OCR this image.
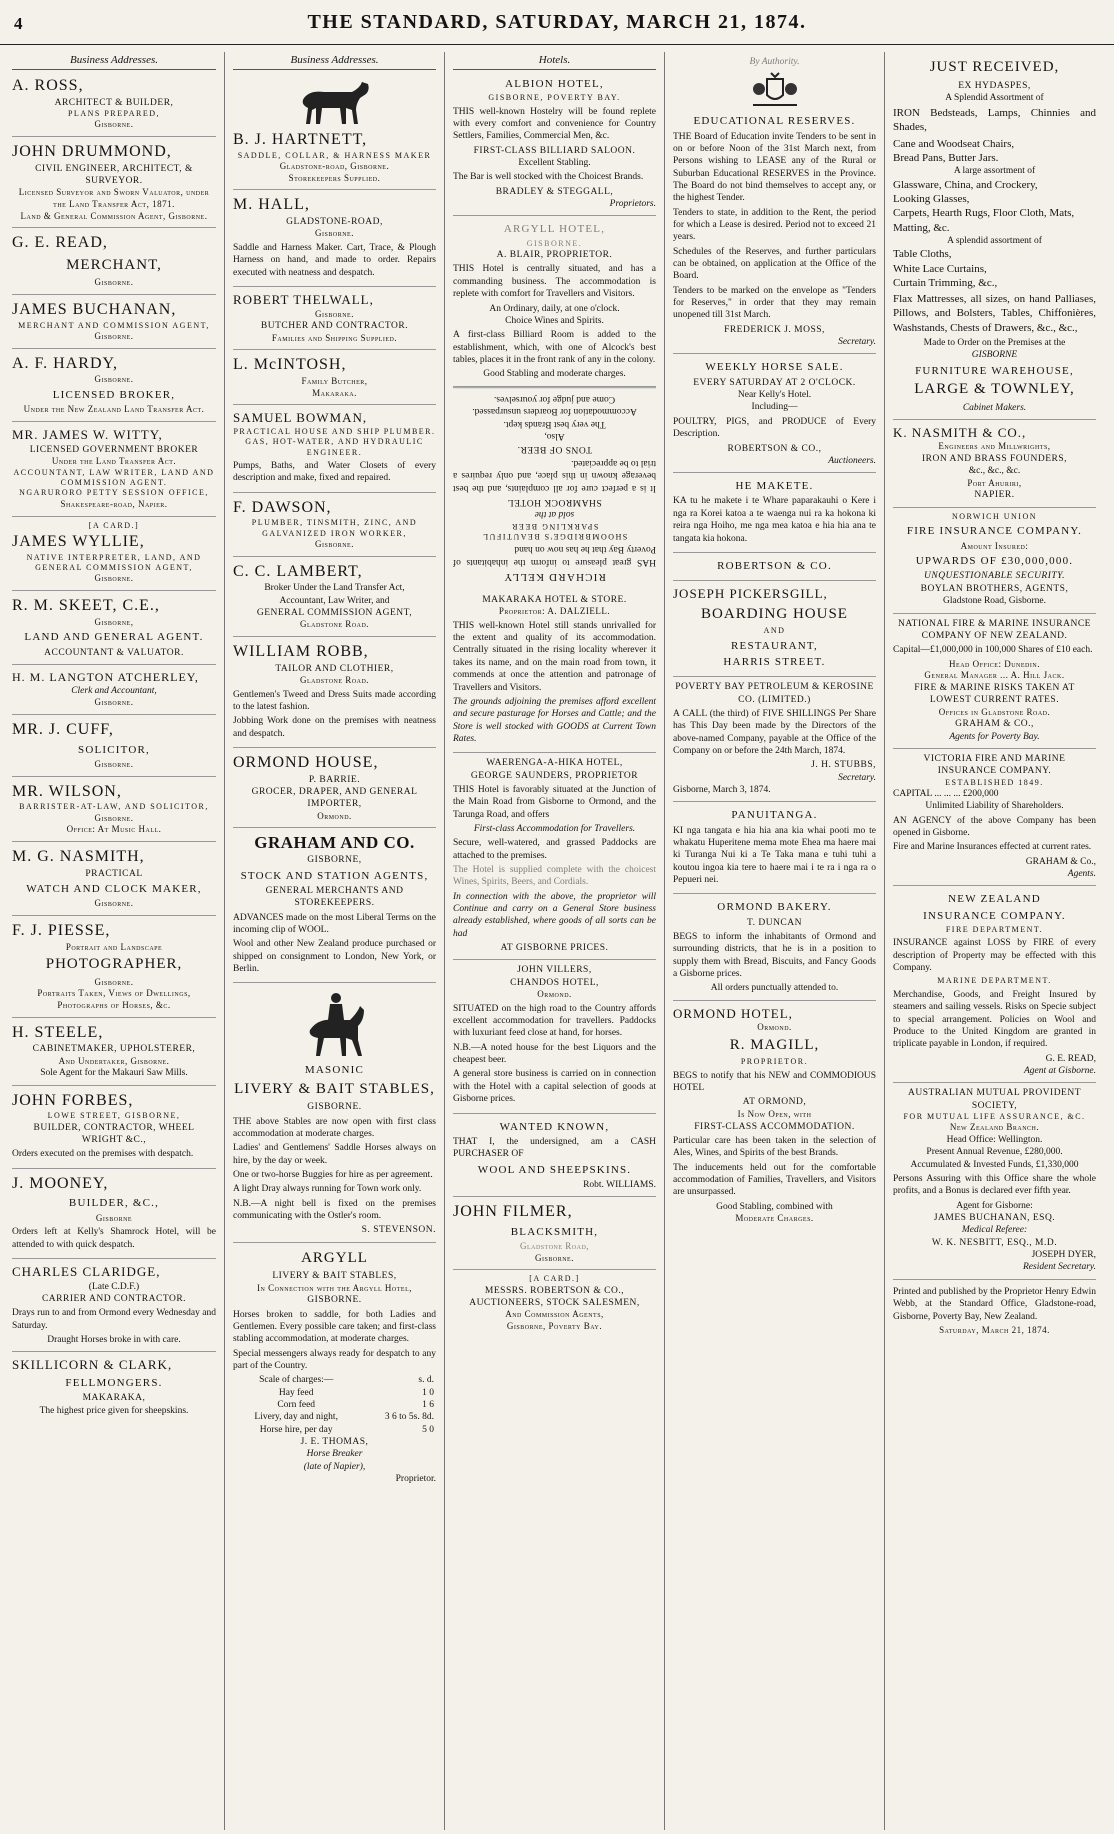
4	THE STANDARD, SATURDAY, MARCH 21, 1874.
Business Addresses.
A. ROSS,
ARCHITECT & BUILDER,
PLANS PREPARED,
Gisborne.
JOHN DRUMMOND,
CIVIL ENGINEER, ARCHITECT, & SURVEYOR.
Licensed Surveyor and Sworn Valuator, under the Land Transfer Act, 1871.
Land & General Commission Agent, Gisborne.
G. E. READ,
MERCHANT,
Gisborne.
JAMES BUCHANAN,
MERCHANT AND COMMISSION AGENT,
Gisborne.
A. F. HARDY,
Gisborne.
LICENSED BROKER,
Under the New Zealand Land Transfer Act.
MR. JAMES W. WITTY,
LICENSED GOVERNMENT BROKER
Under the Land Transfer Act.
ACCOUNTANT, LAW WRITER, LAND AND COMMISSION AGENT.
NGARURORO PETTY SESSION OFFICE,
Shakespeare-road, Napier.
[A CARD.]
JAMES WYLLIE,
NATIVE INTERPRETER, LAND, AND GENERAL COMMISSION AGENT,
Gisborne.
R. M. SKEET, C.E.,
Gisborne,
LAND AND GENERAL AGENT.
ACCOUNTANT & VALUATOR.
H. M. LANGTON ATCHERLEY,
Clerk and Accountant,
Gisborne.
MR. J. CUFF,
SOLICITOR,
Gisborne.
MR. WILSON,
BARRISTER-AT-LAW, AND SOLICITOR,
Gisborne.
Office: At Music Hall.
M. G. NASMITH,
PRACTICAL
WATCH AND CLOCK MAKER,
Gisborne.
F. J. PIESSE,
Portrait and Landscape
PHOTOGRAPHER,
Gisborne.
Portraits Taken, Views of Dwellings, Photographs of Horses, &c.
H. STEELE,
CABINETMAKER, UPHOLSTERER,
And Undertaker, Gisborne.
Sole Agent for the Makauri Saw Mills.
JOHN FORBES,
LOWE STREET, GISBORNE,
BUILDER, CONTRACTOR, WHEEL WRIGHT &C.,
Orders executed on the premises with despatch.
J. MOONEY,
BUILDER, &C.,
Gisborne
Orders left at Kelly's Shamrock Hotel, will be attended to with quick despatch.
CHARLES CLARIDGE,
(Late C.D.F.)
CARRIER AND CONTRACTOR.
Drays run to and from Ormond every Wednesday and Saturday.
Draught Horses broke in with care.
SKILLICORN & CLARK,
FELLMONGERS.
MAKARAKA,
The highest price given for sheepskins.
Business Addresses.
B. J. HARTNETT,
SADDLE, COLLAR, & HARNESS MAKER
Gladstone-road, Gisborne.
Storekeepers Supplied.
M. HALL,
GLADSTONE-ROAD,
Gisborne.
Saddle and Harness Maker. Cart, Trace, & Plough Harness on hand, and made to order. Repairs executed with neatness and despatch.
ROBERT THELWALL,
Gisborne.
BUTCHER AND CONTRACTOR.
Families and Shipping Supplied.
L. McINTOSH,
Family Butcher,
Makaraka.
SAMUEL BOWMAN,
PRACTICAL HOUSE AND SHIP PLUMBER.
GAS, HOT-WATER, AND HYDRAULIC ENGINEER.
Pumps, Baths, and Water Closets of every description and make, fixed and repaired.
F. DAWSON,
PLUMBER, TINSMITH, ZINC, AND GALVANIZED IRON WORKER,
Gisborne.
C. C. LAMBERT,
Broker Under the Land Transfer Act,
Accountant, Law Writer, and
GENERAL COMMISSION AGENT,
Gladstone Road.
WILLIAM ROBB,
TAILOR AND CLOTHIER,
Gladstone Road.
Gentlemen's Tweed and Dress Suits made according to the latest fashion.
Jobbing Work done on the premises with neatness and despatch.
ORMOND HOUSE,
P. BARRIE.
GROCER, DRAPER, AND GENERAL IMPORTER,
Ormond.
GRAHAM AND CO.
GISBORNE,
STOCK AND STATION AGENTS,
GENERAL MERCHANTS AND STOREKEEPERS.
ADVANCES made on the most Liberal Terms on the incoming clip of WOOL.
Wool and other New Zealand produce purchased or shipped on consignment to London, New York, or Berlin.
MASONIC
LIVERY & BAIT STABLES,
GISBORNE.
THE above Stables are now open with first class accommodation at moderate charges.
Ladies' and Gentlemens' Saddle Horses always on hire, by the day or week.
One or two-horse Buggies for hire as per agreement.
A light Dray always running for Town work only.
N.B.—A night bell is fixed on the premises communicating with the Ostler's room.
S. STEVENSON.
ARGYLL
LIVERY & BAIT STABLES,
In Connection with the Argyll Hotel,
GISBORNE.
Horses broken to saddle, for both Ladies and Gentlemen. Every possible care taken; and first-class stabling accommodation, at moderate charges.
Special messengers always ready for despatch to any part of the Country.
Scale of charges:—	s. d.
Hay feed	1 0
Corn feed	1 6
Livery, day and night,	3 6 to 5s. 8d.
Horse hire, per day	5 0
J. E. THOMAS,
Horse Breaker
(late of Napier),
Proprietor.
Hotels.
ALBION HOTEL,
GISBORNE, POVERTY BAY.
THIS well-known Hostelry will be found replete with every comfort and convenience for Country Settlers, Families, Commercial Men, &c.
FIRST-CLASS BILLIARD SALOON.
Excellent Stabling.
The Bar is well stocked with the Choicest Brands.
BRADLEY & STEGGALL,
Proprietors.
ARGYLL HOTEL,
GISBORNE.
A. BLAIR, PROPRIETOR.
THIS Hotel is centrally situated, and has a commanding business. The accommodation is replete with comfort for Travellers and Visitors.
An Ordinary, daily, at one o'clock.
Choice Wines and Spirits.
A first-class Billiard Room is added to the establishment, which, with one of Alcock's best tables, places it in the front rank of any in the colony.
Good Stabling and moderate charges.
RICHARD KELLY
HAS great pleasure to inform the inhabitants of Poverty Bay that he has now on hand
SHOOMBRIDGE'S BEAUTIFUL SPARKLING BEER
sold at the
SHAMROCK HOTEL
It is a perfect cure for all complaints, and the best beverage known in this place, and only requires a trial to be appreciated.
TONS OF BEER.
Also,
The very best Brands kept.
Accommodation for Boarders unsurpassed.
Come and judge for yourselves.
MAKARAKA HOTEL & STORE.
Proprietor: A. DALZIELL.
THIS well-known Hotel still stands unrivalled for the extent and quality of its accommodation. Centrally situated in the rising locality wherever it takes its name, and on the main road from town, it commends at once the attention and patronage of Travellers and Visitors.
The grounds adjoining the premises afford excellent and secure pasturage for Horses and Cattle; and the Store is well stocked with GOODS at Current Town Rates.
WAERENGA-A-HIKA HOTEL,
GEORGE SAUNDERS, PROPRIETOR
THIS Hotel is favorably situated at the Junction of the Main Road from Gisborne to Ormond, and the Tarunga Road, and offers
First-class Accommodation for Travellers.
Secure, well-watered, and grassed Paddocks are attached to the premises.
The Hotel is supplied complete with the choicest Wines, Spirits, Beers, and Cordials.
In connection with the above, the proprietor will Continue and carry on a General Store business already established, where goods of all sorts can be had
AT GISBORNE PRICES.
JOHN VILLERS,
CHANDOS HOTEL,
Ormond.
SITUATED on the high road to the Country affords excellent accommodation for travellers. Paddocks with luxuriant feed close at hand, for horses.
N.B.—A noted house for the best Liquors and the cheapest beer.
A general store business is carried on in connection with the Hotel with a capital selection of goods at Gisborne prices.
WANTED KNOWN,
THAT I, the undersigned, am a CASH PURCHASER OF
WOOL AND SHEEPSKINS.
Robt. WILLIAMS.
JOHN FILMER,
BLACKSMITH,
Gladstone Road,
Gisborne.
[A CARD.]
MESSRS. ROBERTSON & CO.,
AUCTIONEERS, STOCK SALESMEN,
And Commission Agents,
Gisborne, Poverty Bay.
By Authority.
EDUCATIONAL RESERVES.
THE Board of Education invite Tenders to be sent in on or before Noon of the 31st March next, from Persons wishing to LEASE any of the Rural or Suburban Educational RESERVES in the Province. The Board do not bind themselves to accept any, or the highest Tender.
Tenders to state, in addition to the Rent, the period for which a Lease is desired. Period not to exceed 21 years.
Schedules of the Reserves, and further particulars can be obtained, on application at the Office of the Board.
Tenders to be marked on the envelope as "Tenders for Reserves," in order that they may remain unopened till 31st March.
FREDERICK J. MOSS,
Secretary.
WEEKLY HORSE SALE.
EVERY SATURDAY AT 2 O'CLOCK.
Near Kelly's Hotel.
Including—
POULTRY, PIGS, and PRODUCE of Every Description.
ROBERTSON & CO.,
Auctioneers.
HE MAKETE.
KA tu he makete i te Whare paparakauhi o Kere i nga ra Korei katoa a te waenga nui ra ka hokona ki reira nga Hoiho, me nga mea katoa e hia hia ana te tangata kia hokona.
ROBERTSON & CO.
JOSEPH PICKERSGILL,
BOARDING HOUSE
AND
RESTAURANT,
HARRIS STREET.
POVERTY BAY PETROLEUM & KEROSINE CO. (LIMITED.)
A CALL (the third) of FIVE SHILLINGS Per Share has This Day been made by the Directors of the above-named Company, payable at the Office of the Company on or before the 24th March, 1874.
J. H. STUBBS,
Secretary.
Gisborne, March 3, 1874.
PANUITANGA.
KI nga tangata e hia hia ana kia whai pooti mo te whakatu Huperitene mema mote Ehea ma haere mai ki Turanga Nui ki a Te Taka mana e tuhi tuhi a koutou ingoa kia tere to haere mai i te ra i nga ra o Pepueri nei.
ORMOND BAKERY.
T. DUNCAN
BEGS to inform the inhabitants of Ormond and surrounding districts, that he is in a position to supply them with Bread, Biscuits, and Fancy Goods a Gisborne prices.
All orders punctually attended to.
ORMOND HOTEL,
Ormond.
R. MAGILL,
PROPRIETOR.
BEGS to notify that his NEW and COMMODIOUS HOTEL
AT ORMOND,
Is Now Open, with
FIRST-CLASS ACCOMMODATION.
Particular care has been taken in the selection of Ales, Wines, and Spirits of the best Brands.
The inducements held out for the comfortable accommodation of Families, Travellers, and Visitors are unsurpassed.
Good Stabling, combined with
Moderate Charges.
JUST RECEIVED,
EX HYDASPES,
A Splendid Assortment of
IRON Bedsteads, Lamps, Chinnies and Shades,
Cane and Woodseat Chairs,
Bread Pans, Butter Jars.
A large assortment of
Glassware, China, and Crockery,
Looking Glasses,
Carpets, Hearth Rugs, Floor Cloth, Mats, Matting, &c.
A splendid assortment of
Table Cloths,
White Lace Curtains,
Curtain Trimming, &c.,
Flax Mattresses, all sizes, on hand Palliases, Pillows, and Bolsters, Tables, Chiffonières, Washstands, Chests of Drawers, &c., &c.,
Made to Order on the Premises at the
GISBORNE
FURNITURE WAREHOUSE,
LARGE & TOWNLEY,
Cabinet Makers.
K. NASMITH & CO.,
Engineers and Millwrights,
IRON AND BRASS FOUNDERS,
&c., &c., &c.
Port Ahuriri,
NAPIER.
NORWICH UNION
FIRE INSURANCE COMPANY.
Amount Insured:
UPWARDS OF £30,000,000.
UNQUESTIONABLE SECURITY.
BOYLAN BROTHERS, AGENTS,
Gladstone Road, Gisborne.
NATIONAL FIRE & MARINE INSURANCE COMPANY OF NEW ZEALAND.
Capital—£1,000,000 in 100,000 Shares of £10 each.
Head Office: Dunedin.
General Manager ... A. Hill Jack.
FIRE & MARINE RISKS TAKEN AT LOWEST CURRENT RATES.
Offices in Gladstone Road.
GRAHAM & CO.,
Agents for Poverty Bay.
VICTORIA FIRE AND MARINE INSURANCE COMPANY.
ESTABLISHED 1849.
CAPITAL ... ... ... £200,000
Unlimited Liability of Shareholders.
AN AGENCY of the above Company has been opened in Gisborne.
Fire and Marine Insurances effected at current rates.
GRAHAM & Co.,
Agents.
NEW ZEALAND
INSURANCE COMPANY.
FIRE DEPARTMENT.
INSURANCE against LOSS by FIRE of every description of Property may be effected with this Company.
MARINE DEPARTMENT.
Merchandise, Goods, and Freight Insured by steamers and sailing vessels. Risks on Specie subject to special arrangement. Policies on Wool and Produce to the United Kingdom are granted in triplicate payable in London, if required.
G. E. READ,
Agent at Gisborne.
AUSTRALIAN MUTUAL PROVIDENT SOCIETY,
FOR MUTUAL LIFE ASSURANCE, &C.
New Zealand Branch.
Head Office: Wellington.
Present Annual Revenue, £280,000.
Accumulated & Invested Funds, £1,330,000
Persons Assuring with this Office share the whole profits, and a Bonus is declared ever fifth year.
Agent for Gisborne:
JAMES BUCHANAN, ESQ.
Medical Referee:
W. K. NESBITT, ESQ., M.D.
JOSEPH DYER,
Resident Secretary.
Printed and published by the Proprietor Henry Edwin Webb, at the Standard Office, Gladstone-road, Gisborne, Poverty Bay, New Zealand.
Saturday, March 21, 1874.
